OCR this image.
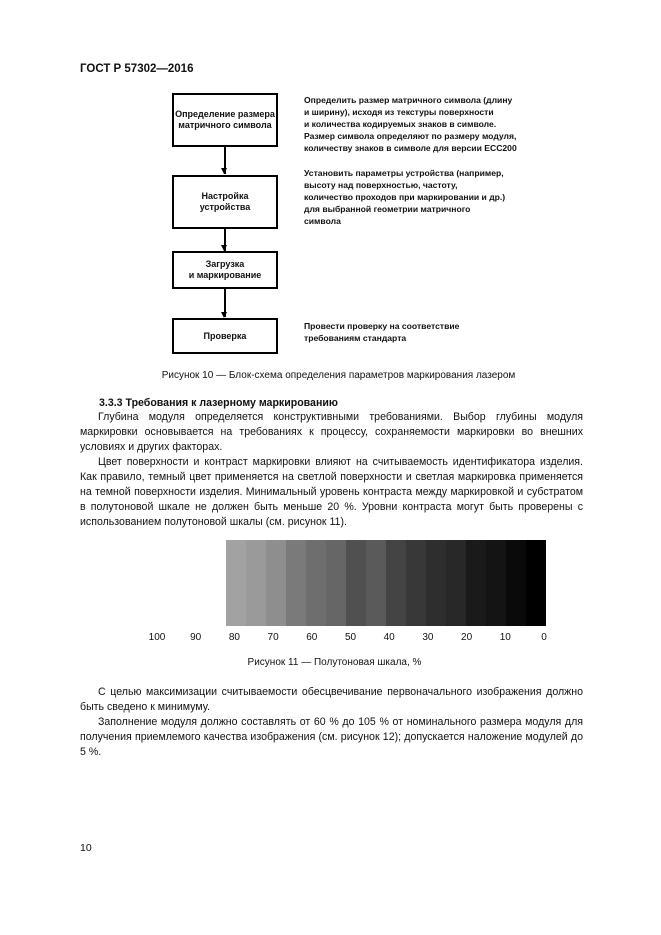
ГОСТ Р 57302—2016
Определение размера
матричного символа
Настройка
устройства
Загрузка
и маркирование
Проверка
Определить размер матричного символа (длину
и ширину), исходя из текстуры поверхности
и количества кодируемых знаков в символе.
Размер символа определяют по размеру модуля,
количеству знаков в символе для версии ECC200
Установить параметры устройства (например,
высоту над поверхностью, частоту,
количество проходов при маркировании и др.)
для выбранной геометрии матричного
символа
Провести проверку на соответствие
требованиям стандарта
Рисунок 10 — Блок-схема определения параметров маркирования лазером
3.3.3 Требования к лазерному маркированию

Глубина модуля определяется конструктивными требованиями. Выбор глубины модуля маркировки основывается на требованиях к процессу, сохраняемости маркировки во внешних условиях и других факторах.

Цвет поверхности и контраст маркировки влияют на считываемость идентификатора изделия. Как правило, темный цвет применяется на светлой поверхности и светлая маркировка применяется на темной поверхности изделия. Минимальный уровень контраста между маркировкой и субстратом в полутоновой шкале не должен быть меньше 20 %. Уровни контраста могут быть проверены с использованием полутоновой шкалы (см. рисунок 11).

100 90	80	70	60	50	40	30	20	10	0
Рисунок 11 — Полутоновая шкала, %

С целью максимизации считываемости обесцвечивание первоначального изображения должно быть сведено к минимуму.

Заполнение модуля должно составлять от 60 % до 105 % от номинального размера модуля для получения приемлемого качества изображения (см. рисунок 12); допускается наложение модулей до 5 %.

10
